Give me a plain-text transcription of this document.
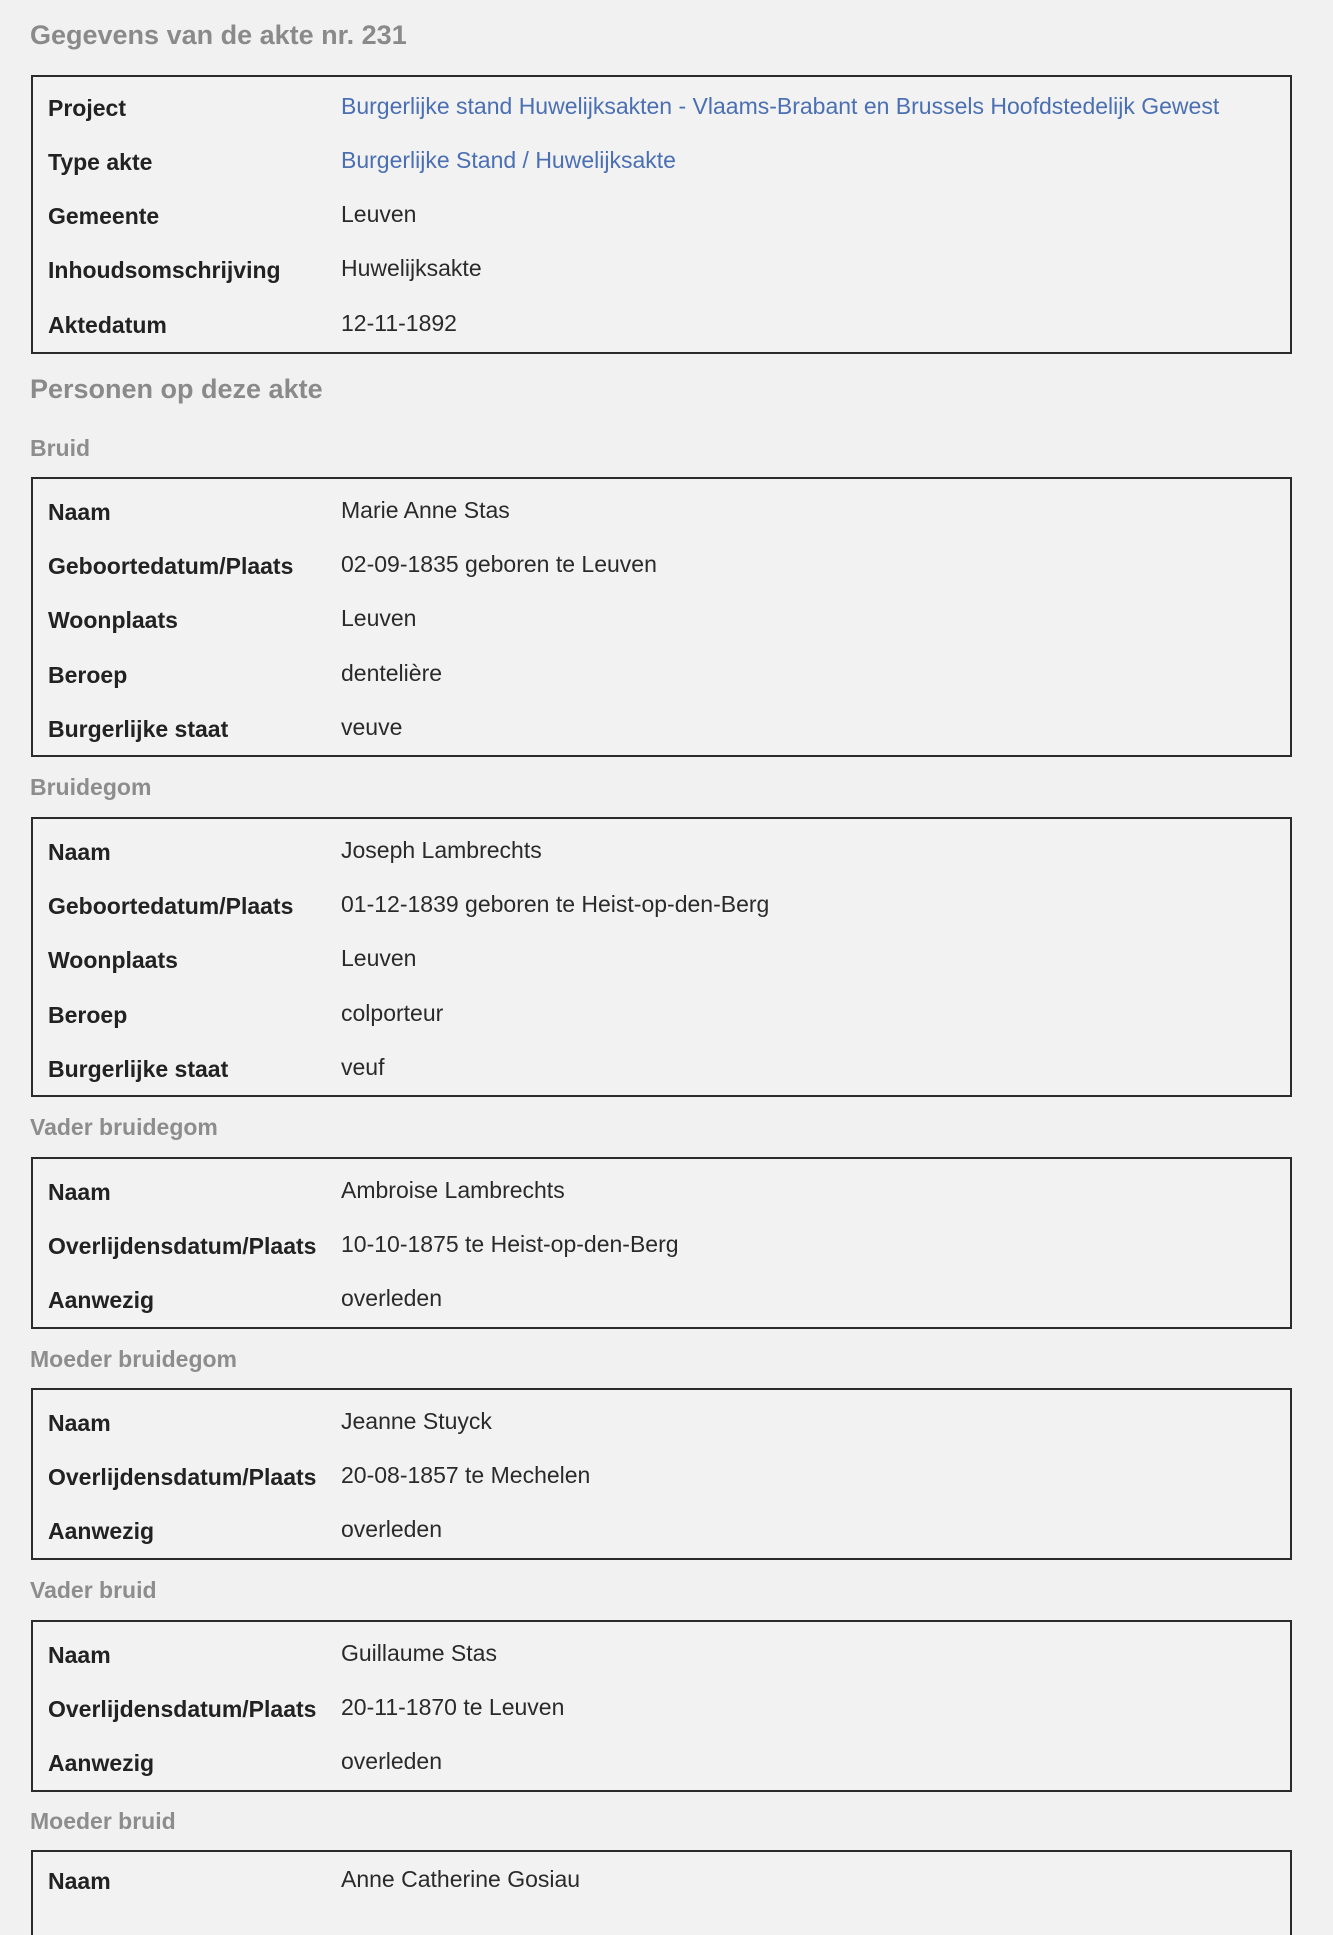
Gegevens van de akte nr. 231
Project	Burgerlijke stand Huwelijksakten - Vlaams-Brabant en Brussels Hoofdstedelijk Gewest
Type akte	Burgerlijke Stand / Huwelijksakte
Gemeente	Leuven
Inhoudsomschrijving	Huwelijksakte
Aktedatum	12-11-1892
Personen op deze akte
Bruid
Naam	Marie Anne Stas
Geboortedatum/Plaats 02-09-1835 geboren te Leuven
Woonplaats	Leuven
Beroep	dentelière
Burgerlijke staat	veuve
Bruidegom
Naam	Joseph Lambrechts
Geboortedatum/Plaats 01-12-1839 geboren te Heist-op-den-Berg
Woonplaats	Leuven
Beroep	colporteur
Burgerlijke staat	veuf
Vader bruidegom
Naam	Ambroise Lambrechts
Overlijdensdatum/Plaats 10-10-1875 te Heist-op-den-Berg
Aanwezig	overleden
Moeder bruidegom
Naam	Jeanne Stuyck
Overlijdensdatum/Plaats 20-08-1857 te Mechelen
Aanwezig	overleden
Vader bruid
Naam	Guillaume Stas
Overlijdensdatum/Plaats 20-11-1870 te Leuven
Aanwezig	overleden
Moeder bruid
Naam	Anne Catherine Gosiau
